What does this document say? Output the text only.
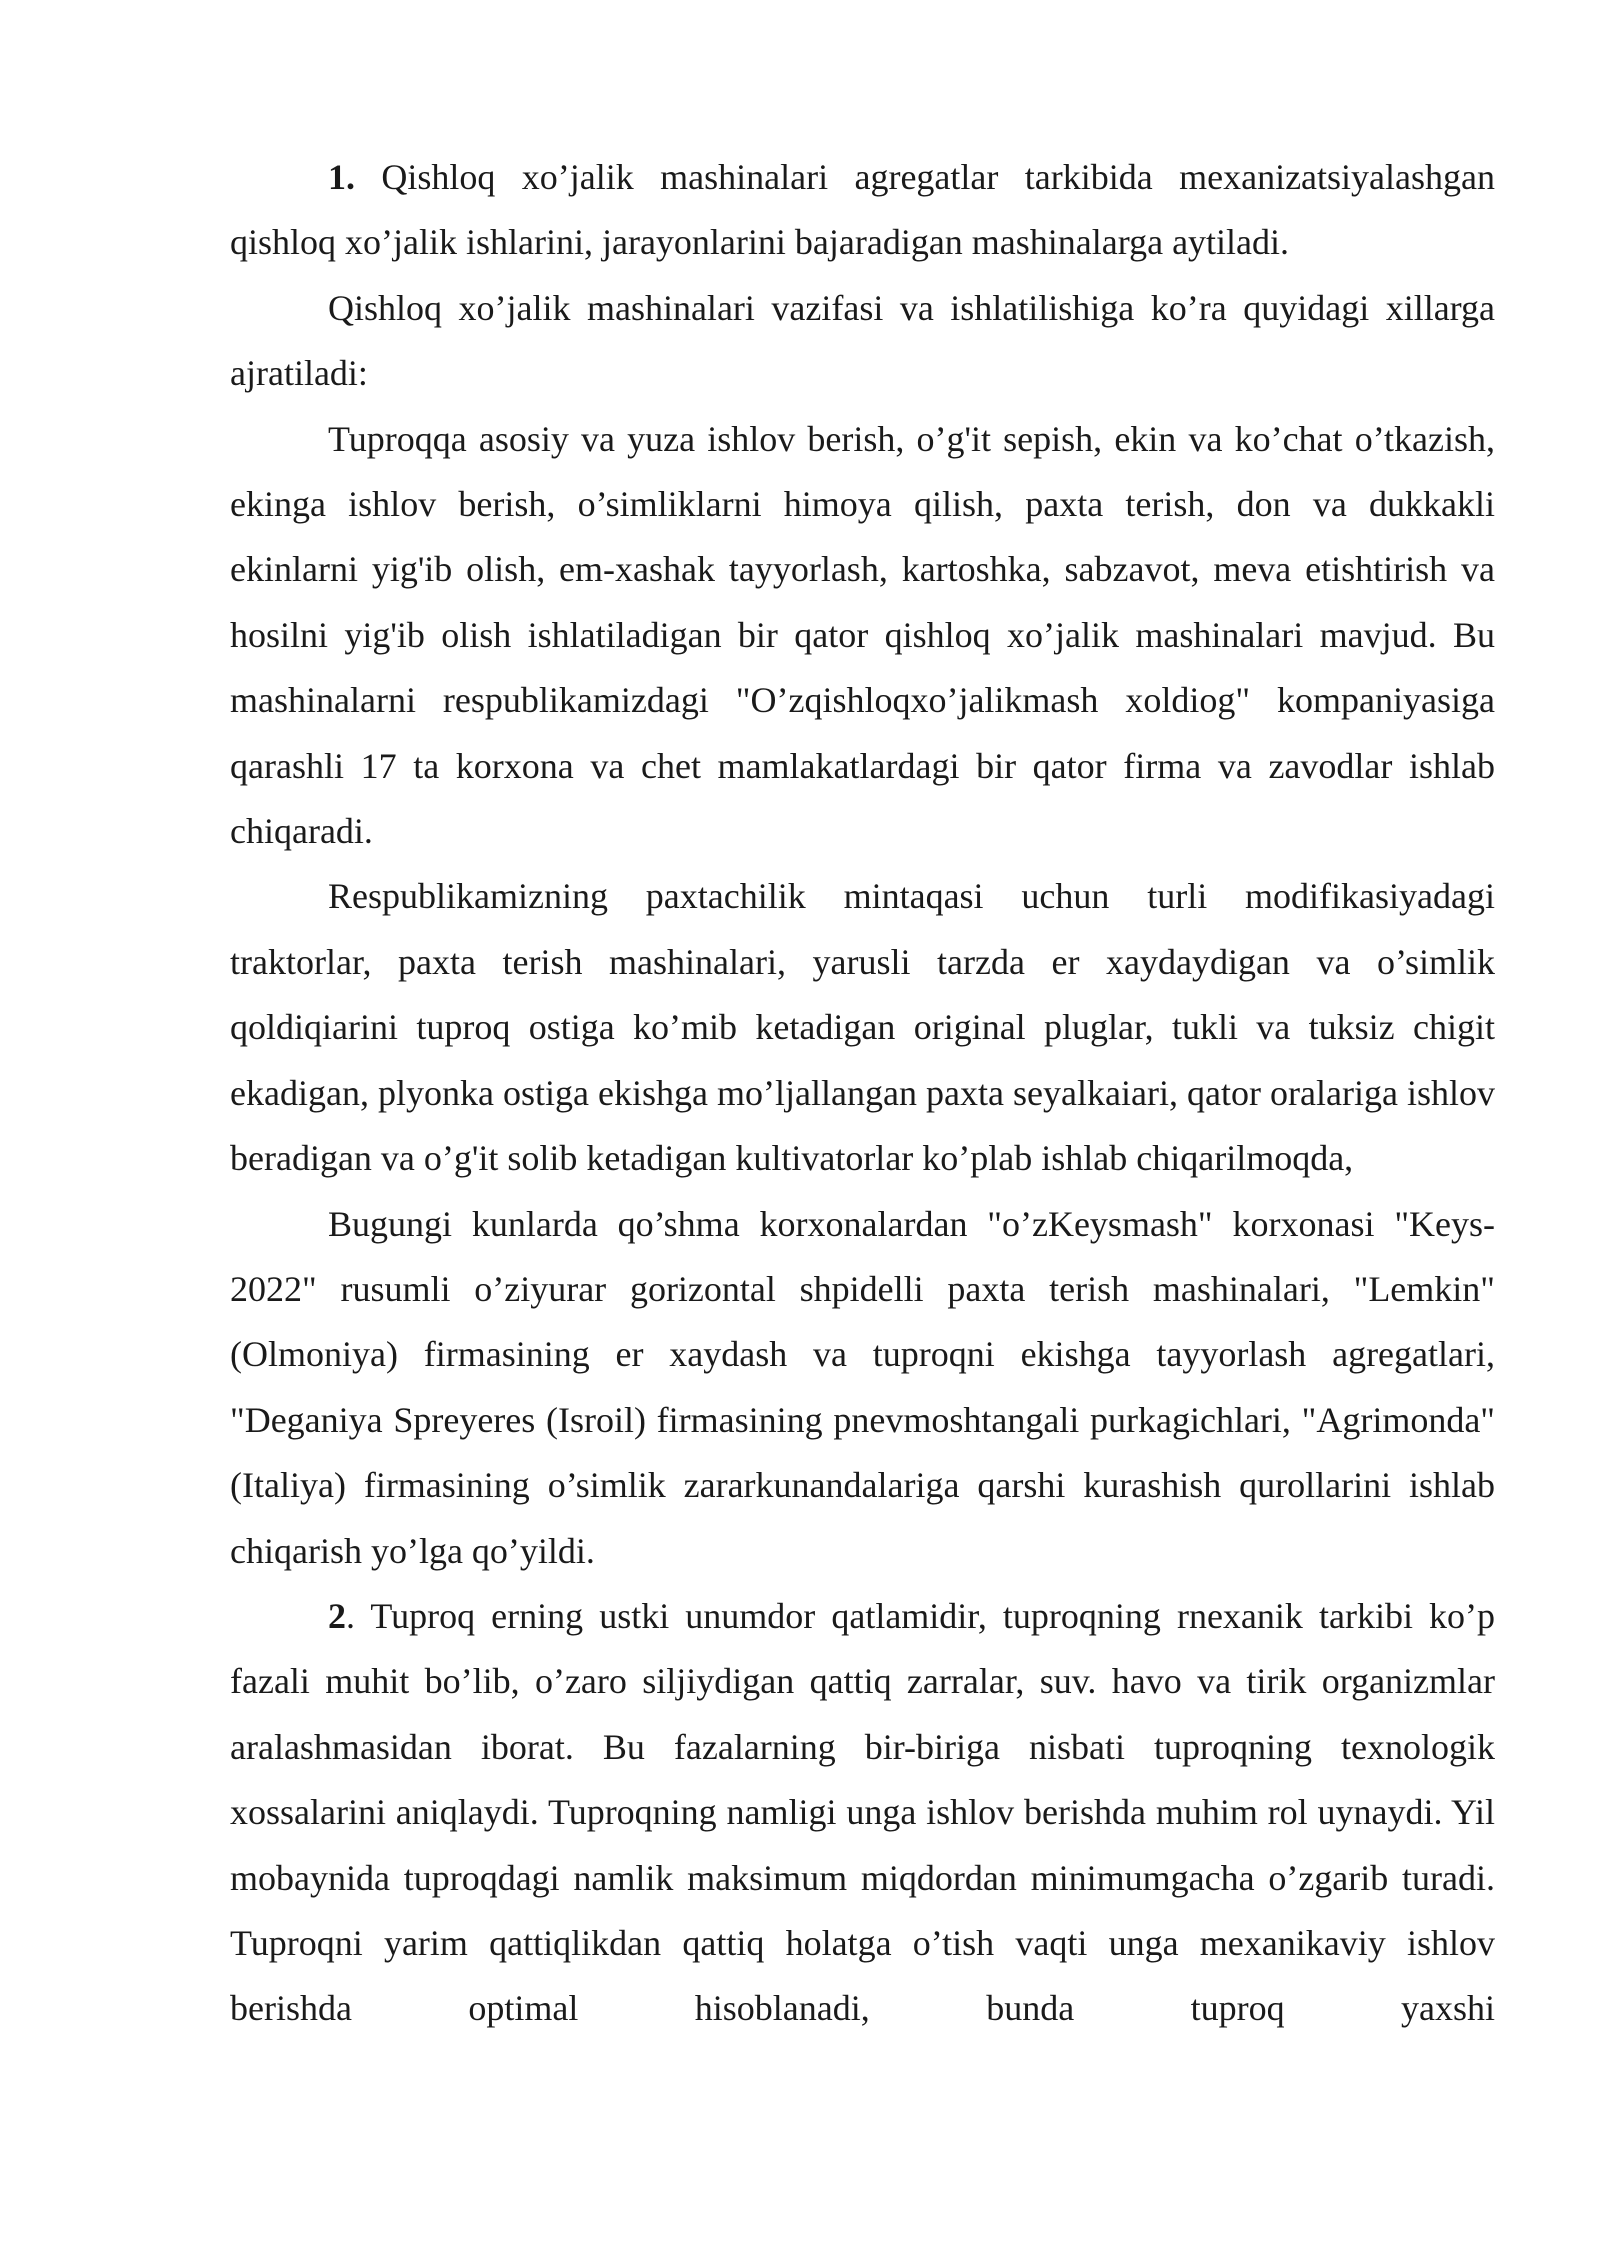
1. Qishloq xo’jalik mashinalari agregatlar tarkibida mexanizatsiyalashgan qishloq xo’jalik ishlarini, jarayonlarini bajaradigan mashinalarga aytiladi.

Qishloq xo’jalik mashinalari vazifasi va ishlatilishiga ko’ra quyidagi xillarga ajratiladi:

Tuproqqa asosiy va yuza ishlov berish, o’g'it sepish, ekin va ko’chat o’tkazish, ekinga ishlov berish, o’simliklarni himoya qilish, paxta terish, don va dukkakli ekinlarni yig'ib olish, em-xashak tayyorlash, kartoshka, sabzavot, meva etishtirish va hosilni yig'ib olish ishlatiladigan bir qator qishloq xo’jalik mashinalari mavjud. Bu mashinalarni respublikamizdagi "O’zqishloqxo’jalikmash xoldiog" kompaniyasiga qarashli 17 ta korxona va chet mamlakatlardagi bir qator firma va zavodlar ishlab chiqaradi.

Respublikamizning paxtachilik mintaqasi uchun turli modifikasiyadagi traktorlar, paxta terish mashinalari, yarusli tarzda er xaydaydigan va o’simlik qoldiqiarini tuproq ostiga ko’mib ketadigan original pluglar, tukli va tuksiz chigit ekadigan, plyonka ostiga ekishga mo’ljallangan paxta seyalkaiari, qator oralariga ishlov beradigan va o’g'it solib ketadigan kultivatorlar ko’plab ishlab chiqarilmoqda,

Bugungi kunlarda qo’shma korxonalardan "o’zKeysmash" korxonasi "Keys-2022" rusumli o’ziyurar gorizontal shpidelli paxta terish mashinalari, "Lemkin" (Olmoniya) firmasining er xaydash va tuproqni ekishga tayyorlash agregatlari, "Deganiya Spreyeres (Isroil) firmasining pnevmoshtangali purkagichlari, "Agrimonda" (Italiya) firmasining o’simlik zararkunandalariga qarshi kurashish qurollarini ishlab chiqarish yo’lga qo’yildi.

2. Tuproq erning ustki unumdor qatlamidir, tuproqning rnexanik tarkibi ko’p fazali muhit bo’lib, o’zaro siljiydigan qattiq zarralar, suv. havo va tirik organizmlar aralashmasidan iborat. Bu fazalarning bir-biriga nisbati tuproqning texnologik xossalarini aniqlaydi. Tuproqning namligi unga ishlov berishda muhim rol uynaydi. Yil mobaynida tuproqdagi namlik maksimum miqdordan minimumgacha o’zgarib turadi. Tuproqni yarim qattiqlikdan qattiq holatga o’tish vaqti unga mexanikaviy ishlov berishda optimal hisoblanadi, bunda tuproq yaxshi
